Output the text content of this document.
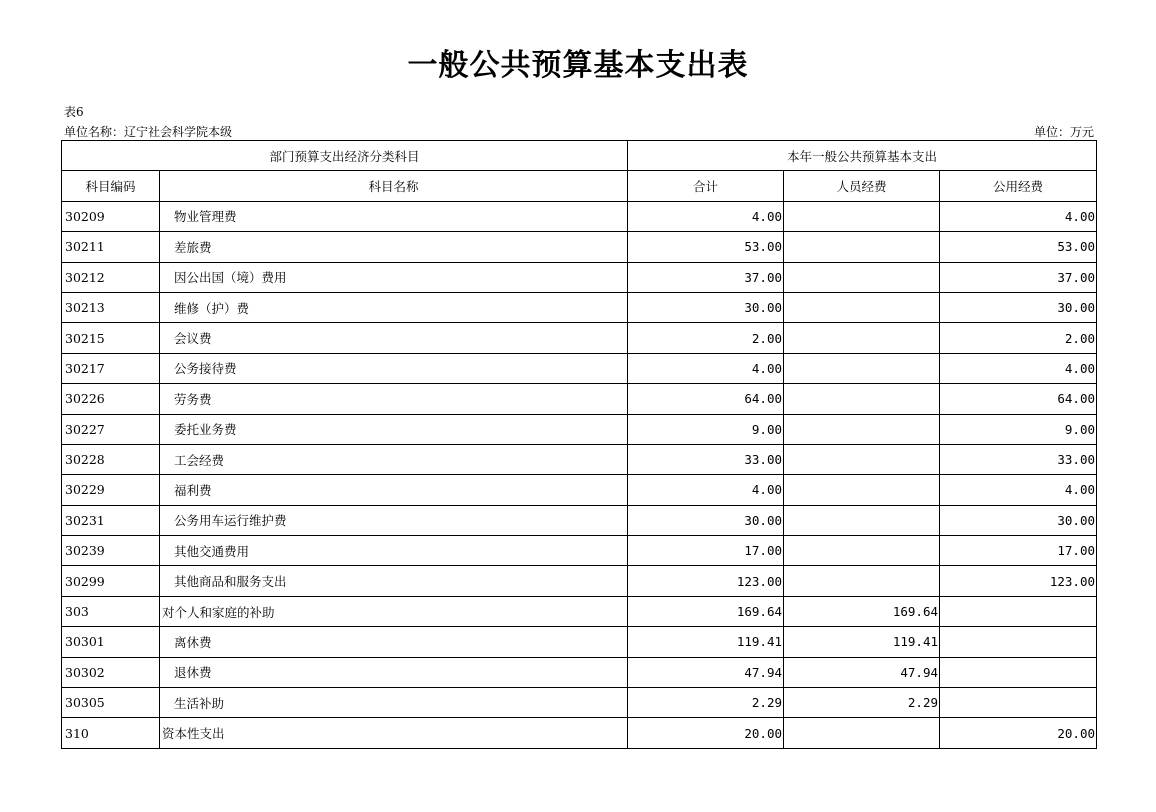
一般公共预算基本支出表
表6
单位名称：辽宁社会科学院本级	单位：万元
部门预算支出经济分类科目		本年一般公共预算基本支出		
科目编码	科目名称	合计	人员经费	公用经费
30209	物业管理费	4.00		4.00
30211	差旅费	53.00		53.00
30212	因公出国（境）费用	37.00		37.00
30213	维修（护）费	30.00		30.00
30215	会议费	2.00		2.00
30217	公务接待费	4.00		4.00
30226	劳务费	64.00		64.00
30227	委托业务费	9.00		9.00
30228	工会经费	33.00		33.00
30229	福利费	4.00		4.00
30231	公务用车运行维护费	30.00		30.00
30239	其他交通费用	17.00		17.00
30299	其他商品和服务支出	123.00		123.00
303	对个人和家庭的补助	169.64	169.64	
30301	离休费	119.41	119.41	
30302	退休费	47.94	47.94	
30305	生活补助	2.29	2.29	
310	资本性支出	20.00		20.00
